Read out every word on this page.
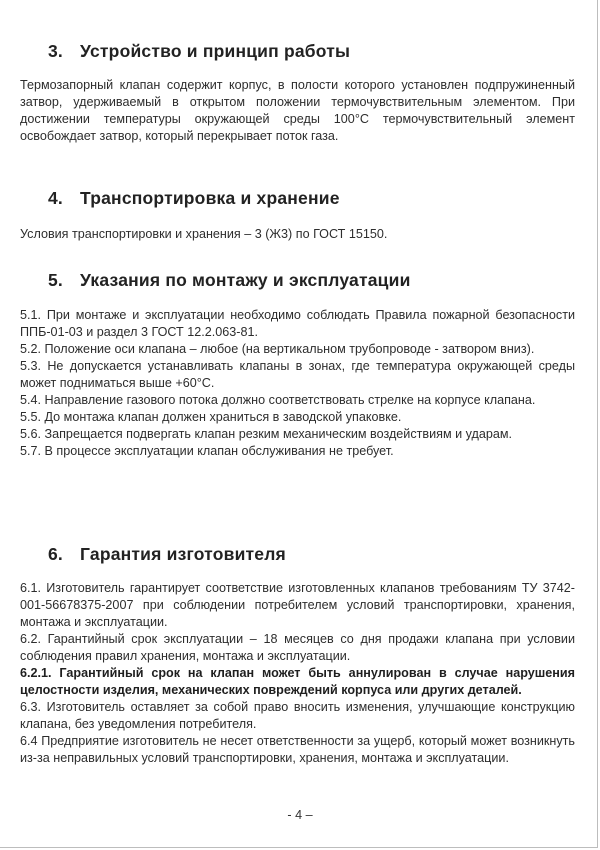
3. Устройство и принцип работы

Термозапорный клапан содержит корпус, в полости которого установлен подпружиненный затвор, удерживаемый в открытом положении термочувствительным элементом. При достижении температуры окружающей среды 100°C термочувствительный элемент освобождает затвор, который перекрывает поток газа.

4. Транспортировка и хранение

Условия транспортировки и хранения – 3 (Ж3) по ГОСТ 15150.

5. Указания по монтажу и эксплуатации

5.1. При монтаже и эксплуатации необходимо соблюдать Правила пожарной безопасности ППБ-01-03 и раздел 3 ГОСТ 12.2.063-81.

5.2. Положение оси клапана – любое (на вертикальном трубопроводе - затвором вниз).

5.3. Не допускается устанавливать клапаны в зонах, где температура окружающей среды может подниматься выше +60°C.

5.4. Направление газового потока должно соответствовать стрелке на корпусе клапана.

5.5. До монтажа клапан должен храниться в заводской упаковке.

5.6. Запрещается подвергать клапан резким механическим воздействиям и ударам.

5.7. В процессе эксплуатации клапан обслуживания не требует.

6. Гарантия изготовителя

6.1. Изготовитель гарантирует соответствие изготовленных клапанов требованиям ТУ 3742-001-56678375-2007 при соблюдении потребителем условий транспортировки, хранения, монтажа и эксплуатации.

6.2. Гарантийный срок эксплуатации – 18 месяцев со дня продажи клапана при условии соблюдения правил хранения, монтажа и эксплуатации.

6.2.1. Гарантийный срок на клапан может быть аннулирован в случае нарушения целостности изделия, механических повреждений корпуса или других деталей.

6.3. Изготовитель оставляет за собой право вносить изменения, улучшающие конструкцию клапана, без уведомления потребителя.

6.4 Предприятие изготовитель не несет ответственности за ущерб, который может возникнуть из-за неправильных условий транспортировки, хранения, монтажа и эксплуатации.

- 4 –
